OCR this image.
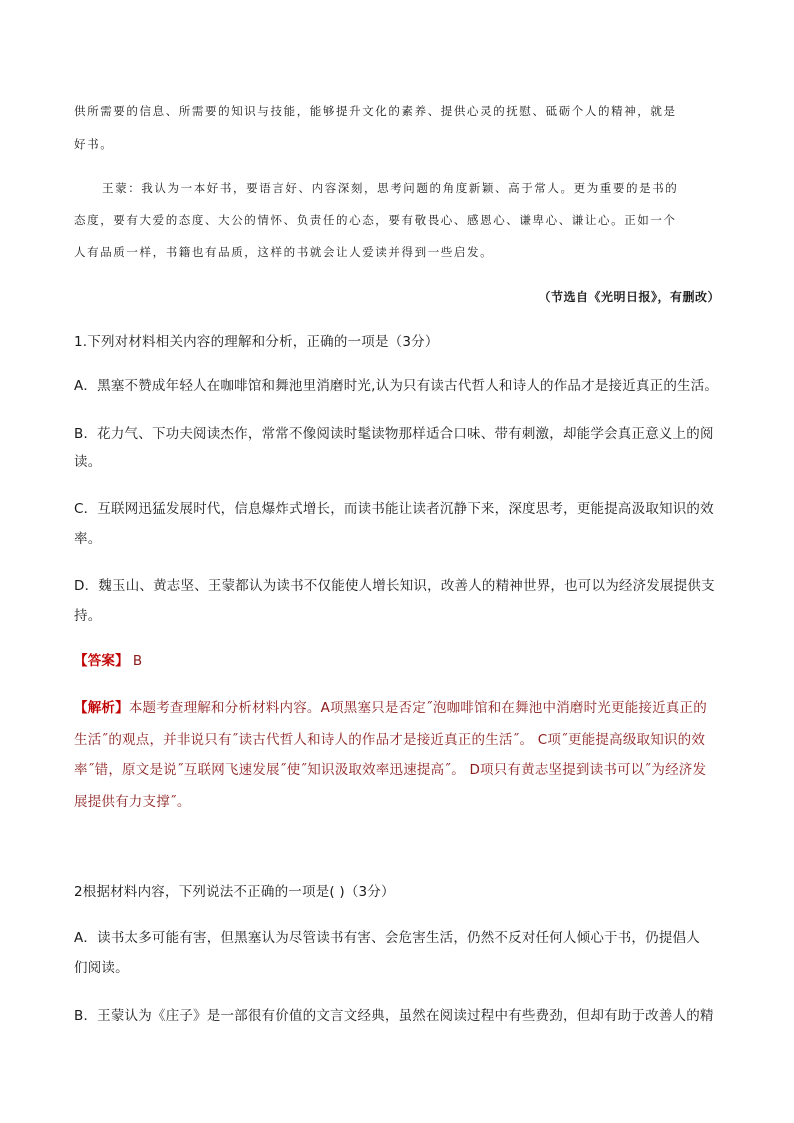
供所需要的信息、所需要的知识与技能，能够提升文化的素养、提供心灵的抚慰、砥砺个人的精神，就是
好书。
王蒙：我认为一本好书，要语言好、内容深刻，思考问题的角度新颖、高于常人。更为重要的是书的
态度，要有大爱的态度、大公的情怀、负责任的心态，要有敬畏心、感恩心、谦卑心、谦让心。正如一个
人有品质一样，书籍也有品质，这样的书就会让人爱读并得到一些启发。
（节选自《光明日报》，有删改）
1.下列对材料相关内容的理解和分析，正确的一项是（3分）
A．黑塞不赞成年轻人在咖啡馆和舞池里消磨时光,认为只有读古代哲人和诗人的作品才是接近真正的生活。
B．花力气、下功夫阅读杰作，常常不像阅读时髦读物那样适合口味、带有刺激，却能学会真正意义上的阅
读。
C．互联网迅猛发展时代，信息爆炸式增长，而读书能让读者沉静下来，深度思考，更能提高汲取知识的效
率。
D．魏玉山、黄志坚、王蒙都认为读书不仅能使人增长知识，改善人的精神世界，也可以为经济发展提供支
持。
【答案】 B
【解析】本题考查理解和分析材料内容。A项黑塞只是否定˝泡咖啡馆和在舞池中消磨时光更能接近真正的
生活˝的观点，并非说只有˝读古代哲人和诗人的作品才是接近真正的生活˝。 C项˝更能提高级取知识的效
率˝错，原文是说˝互联网飞速发展˝使˝知识汲取效率迅速提高˝。 D项只有黄志坚提到读书可以˝为经济发
展提供有力支撑˝。
2根据材料内容，下列说法不正确的一项是( )（3分）
A．读书太多可能有害，但黑塞认为尽管读书有害、会危害生活，仍然不反对任何人倾心于书，仍提倡人
们阅读。
B．王蒙认为《庄子》是一部很有价值的文言文经典，虽然在阅读过程中有些费劲，但却有助于改善人的精
